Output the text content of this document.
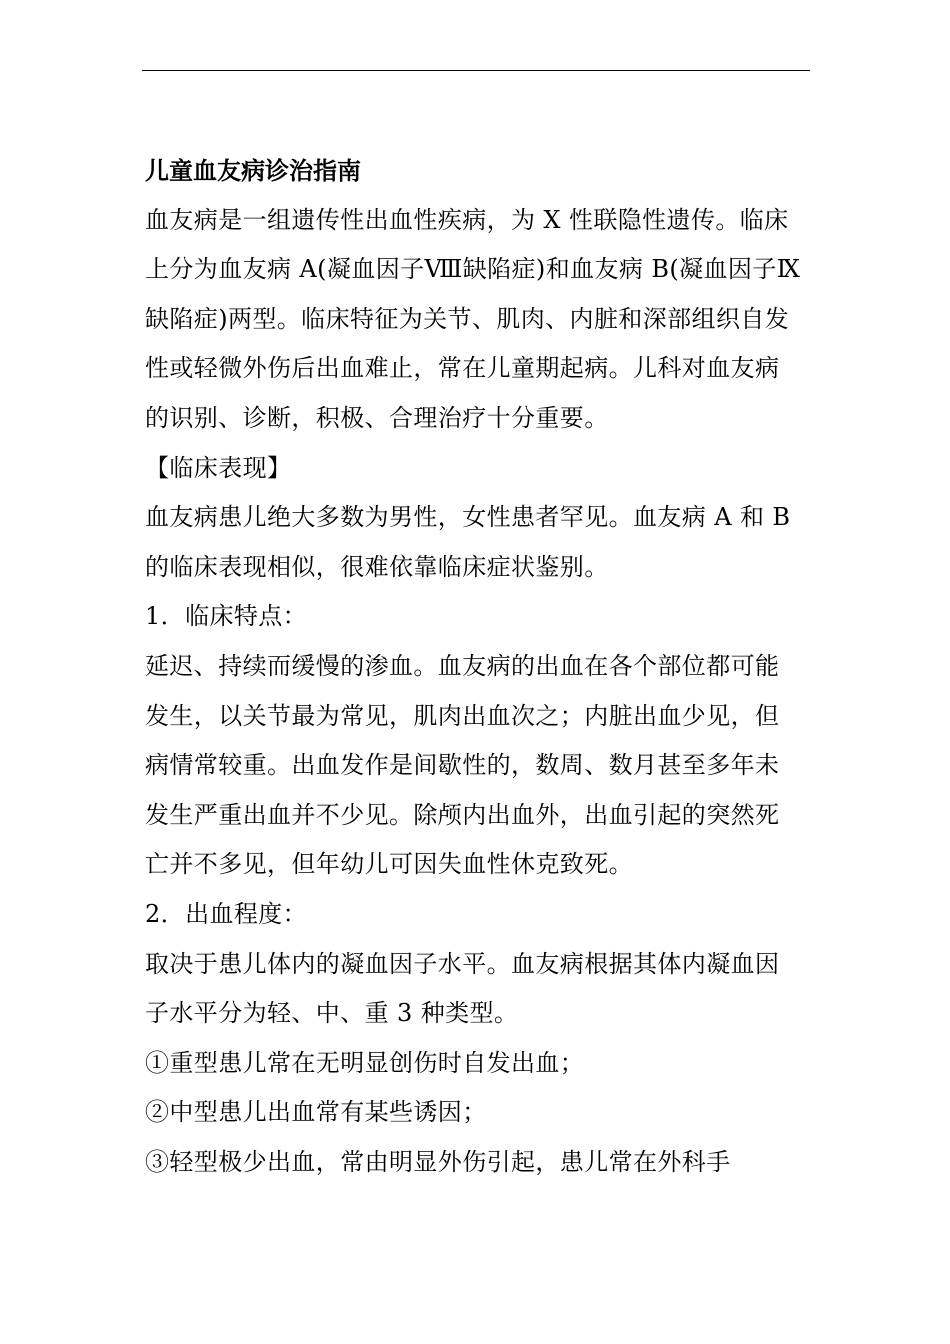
儿童血友病诊治指南
血友病是一组遗传性出血性疾病，为 X 性联隐性遗传。临床
上分为血友病 A(凝血因子Ⅷ缺陷症)和血友病 B(凝血因子Ⅸ
缺陷症)两型。临床特征为关节、肌肉、内脏和深部组织自发
性或轻微外伤后出血难止，常在儿童期起病。儿科对血友病
的识别、诊断，积极、合理治疗十分重要。
【临床表现】
血友病患儿绝大多数为男性，女性患者罕见。血友病 A 和 B
的临床表现相似，很难依靠临床症状鉴别。
1．临床特点：
延迟、持续而缓慢的渗血。血友病的出血在各个部位都可能
发生，以关节最为常见，肌肉出血次之；内脏出血少见，但
病情常较重。出血发作是间歇性的，数周、数月甚至多年未
发生严重出血并不少见。除颅内出血外，出血引起的突然死
亡并不多见，但年幼儿可因失血性休克致死。
2．出血程度：
取决于患儿体内的凝血因子水平。血友病根据其体内凝血因
子水平分为轻、中、重 3 种类型。
①重型患儿常在无明显创伤时自发出血；
②中型患儿出血常有某些诱因；
③轻型极少出血，常由明显外伤引起，患儿常在外科手
